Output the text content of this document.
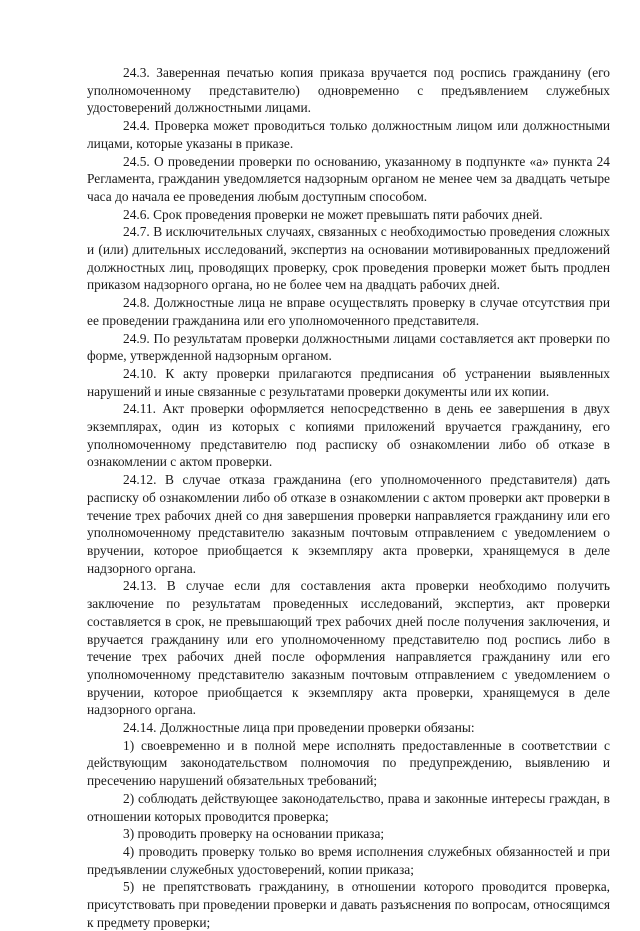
24.3. Заверенная печатью копия приказа вручается под роспись гражданину (его уполномоченному представителю) одновременно с предъявлением служебных удостоверений должностными лицами.

24.4. Проверка может проводиться только должностным лицом или должностными лицами, которые указаны в приказе.

24.5. О проведении проверки по основанию, указанному в подпункте «а» пункта 24 Регламента, гражданин уведомляется надзорным органом не менее чем за двадцать четыре часа до начала ее проведения любым доступным способом.

24.6. Срок проведения проверки не может превышать пяти рабочих дней.

24.7. В исключительных случаях, связанных с необходимостью проведения сложных и (или) длительных исследований, экспертиз на основании мотивированных предложений должностных лиц, проводящих проверку, срок проведения проверки может быть продлен приказом надзорного органа, но не более чем на двадцать рабочих дней.

24.8. Должностные лица не вправе осуществлять проверку в случае отсутствия при ее проведении гражданина или его уполномоченного представителя.

24.9. По результатам проверки должностными лицами составляется акт проверки по форме, утвержденной надзорным органом.

24.10. К акту проверки прилагаются предписания об устранении выявленных нарушений и иные связанные с результатами проверки документы или их копии.

24.11. Акт проверки оформляется непосредственно в день ее завершения в двух экземплярах, один из которых с копиями приложений вручается гражданину, его уполномоченному представителю под расписку об ознакомлении либо об отказе в ознакомлении с актом проверки.

24.12. В случае отказа гражданина (его уполномоченного представителя) дать расписку об ознакомлении либо об отказе в ознакомлении с актом проверки акт проверки в течение трех рабочих дней со дня завершения проверки направляется гражданину или его уполномоченному представителю заказным почтовым отправлением с уведомлением о вручении, которое приобщается к экземпляру акта проверки, хранящемуся в деле надзорного органа.

24.13. В случае если для составления акта проверки необходимо получить заключение по результатам проведенных исследований, экспертиз, акт проверки составляется в срок, не превышающий трех рабочих дней после получения заключения, и вручается гражданину или его уполномоченному представителю под роспись либо в течение трех рабочих дней после оформления направляется гражданину или его уполномоченному представителю заказным почтовым отправлением с уведомлением о вручении, которое приобщается к экземпляру акта проверки, хранящемуся в деле надзорного органа.

24.14. Должностные лица при проведении проверки обязаны:

1) своевременно и в полной мере исполнять предоставленные в соответствии с действующим законодательством полномочия по предупреждению, выявлению и пресечению нарушений обязательных требований;

2) соблюдать действующее законодательство, права и законные интересы граждан, в отношении которых проводится проверка;

3) проводить проверку на основании приказа;

4) проводить проверку только во время исполнения служебных обязанностей и при предъявлении служебных удостоверений, копии приказа;

5) не препятствовать гражданину, в отношении которого проводится проверка, присутствовать при проведении проверки и давать разъяснения по вопросам, относящимся к предмету проверки;
